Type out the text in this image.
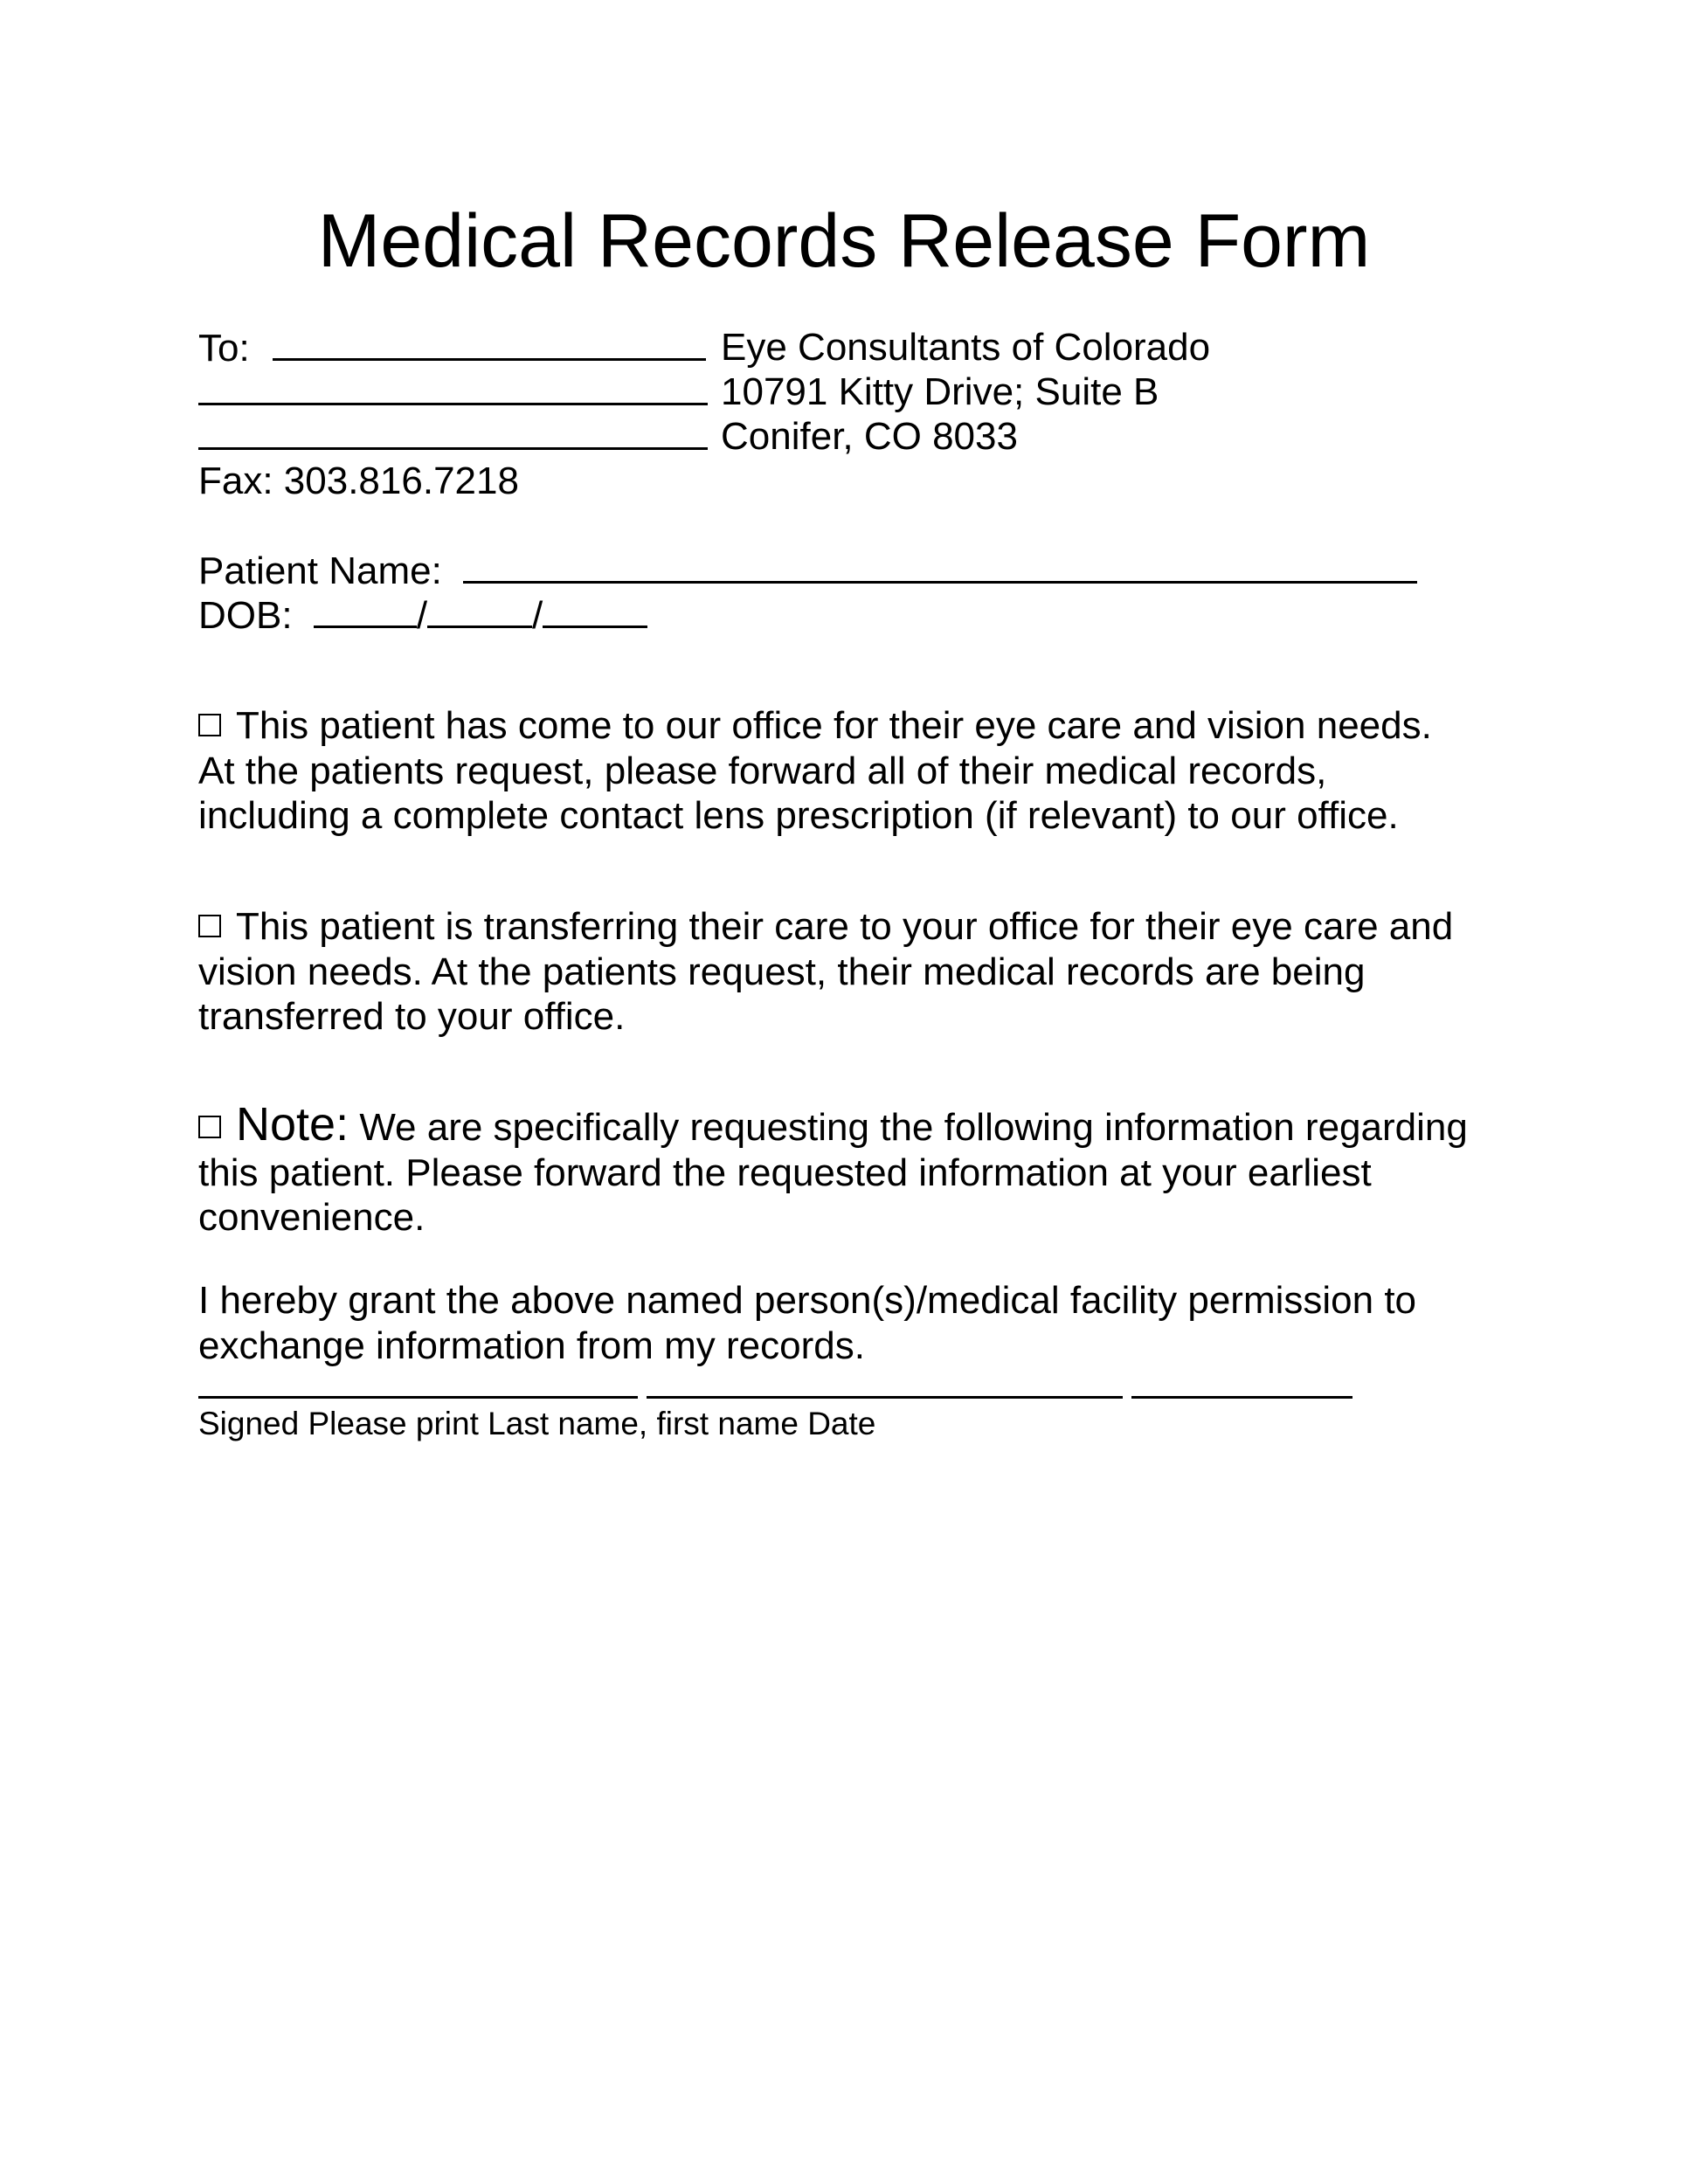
Medical Records Release Form
To:
Fax: 303.816.7218
Eye Consultants of Colorado
10791 Kitty Drive; Suite B
Conifer, CO 8033
Patient Name:
DOB:	/	/
This patient has come to our office for their eye care and vision needs.
At the patients request, please forward all of their medical records,
including a complete contact lens prescription (if relevant) to our office.
This patient is transferring their care to your office for their eye care and
vision needs. At the patients request, their medical records are being
transferred to your office.
Note: We are specifically requesting the following information regarding
this patient. Please forward the requested information at your earliest
convenience.
I hereby grant the above named person(s)/medical facility permission to
exchange information from my records.
Signed Please print Last name, first name Date
